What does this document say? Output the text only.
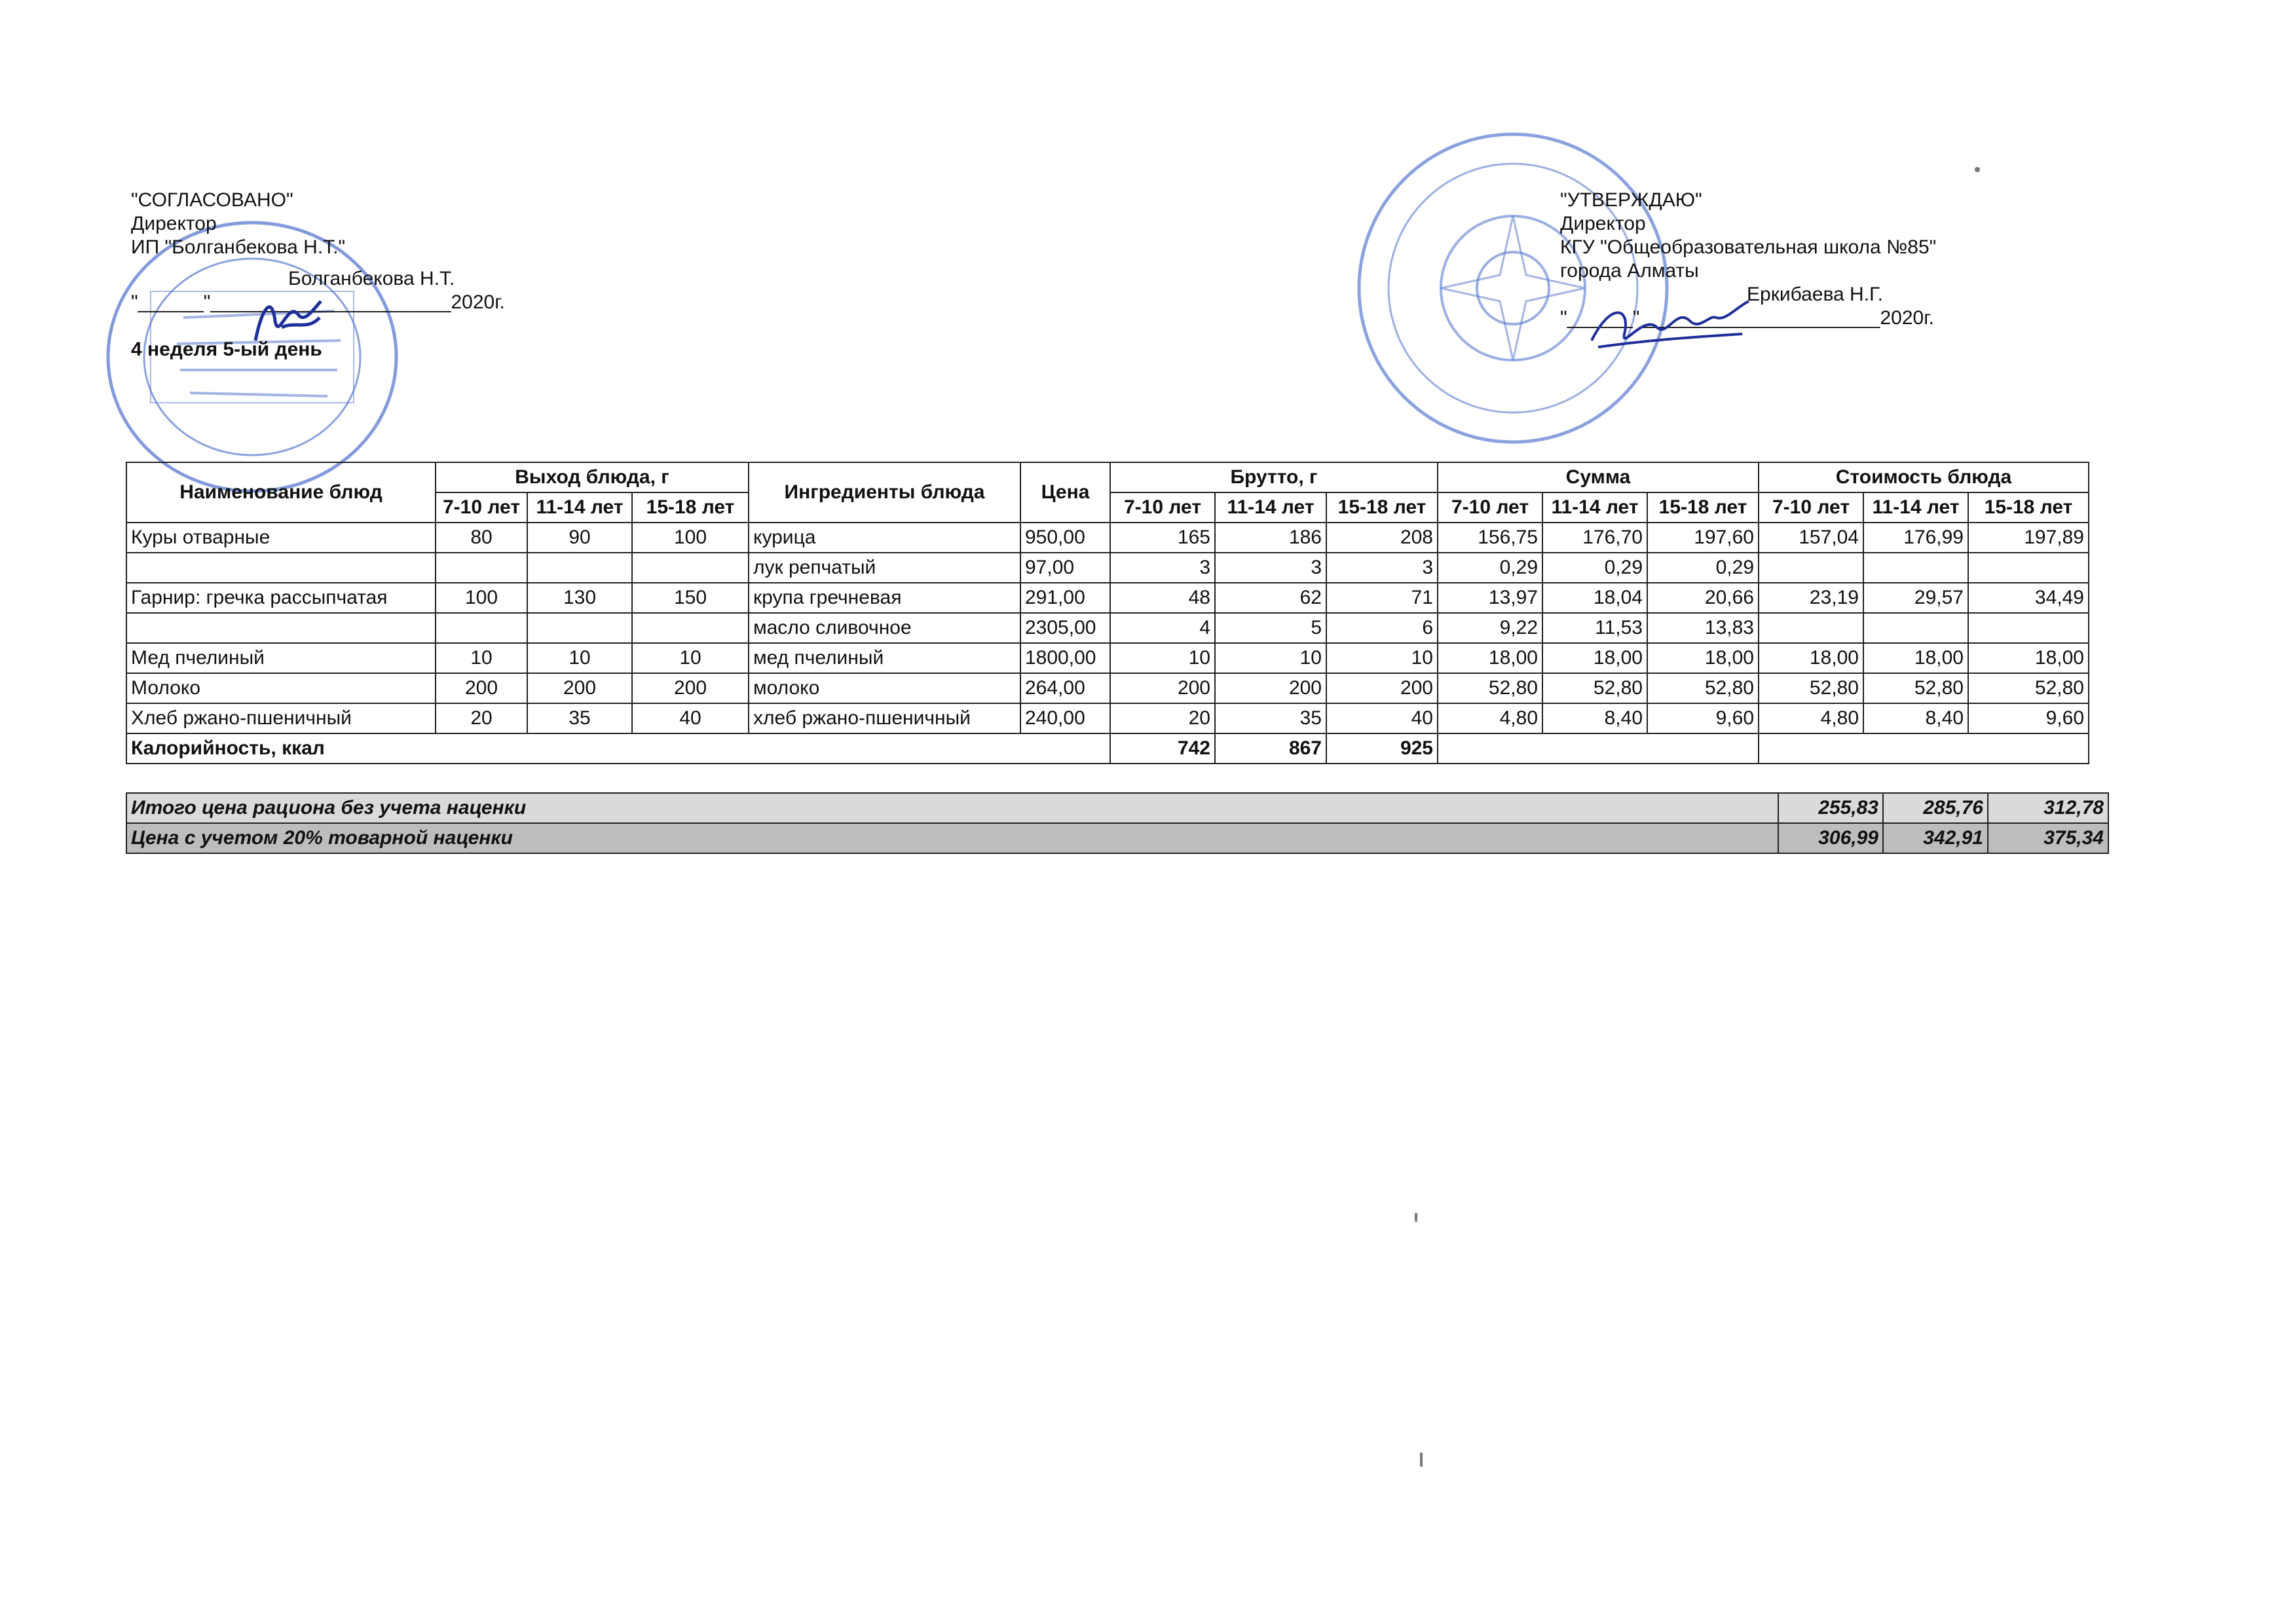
"СОГЛАСОВАНО"
Директор
ИП "Болганбекова Н.Т."
Болганбекова Н.Т.
"______"______________________2020г.
4 неделя 5-ый день
"УТВЕРЖДАЮ"
Директор
КГУ "Общеобразовательная школа №85"
города Алматы
Еркибаева Н.Г.
"______"______________________2020г.
Наименование блюд	Выход блюда, г			Ингредиенты блюда	Цена	Брутто, г			Сумма			Стоимость блюда		
	7-10 лет	11-14 лет	15-18 лет			7-10 лет	11-14 лет	15-18 лет	7-10 лет	11-14 лет	15-18 лет	7-10 лет	11-14 лет	15-18 лет
Куры отварные	80	90	100	курица	950,00	165	186	208	156,75	176,70	197,60	157,04	176,99	197,89
				лук репчатый	97,00	3	3	3	0,29	0,29	0,29			
Гарнир: гречка рассыпчатая	100	130	150	крупа гречневая	291,00	48	62	71	13,97	18,04	20,66	23,19	29,57	34,49
				масло сливочное	2305,00	4	5	6	9,22	11,53	13,83			
Мед пчелиный	10	10	10	мед пчелиный	1800,00	10	10	10	18,00	18,00	18,00	18,00	18,00	18,00
Молоко	200	200	200	молоко	264,00	200	200	200	52,80	52,80	52,80	52,80	52,80	52,80
Хлеб ржано-пшеничный	20	35	40	хлеб ржано-пшеничный	240,00	20	35	40	4,80	8,40	9,60	4,80	8,40	9,60
Калорийность, ккал						742	867	925						
Итого цена рациона без учета наценки	255,83	285,76	312,78
Цена с учетом 20% товарной наценки	306,99	342,91	375,34
